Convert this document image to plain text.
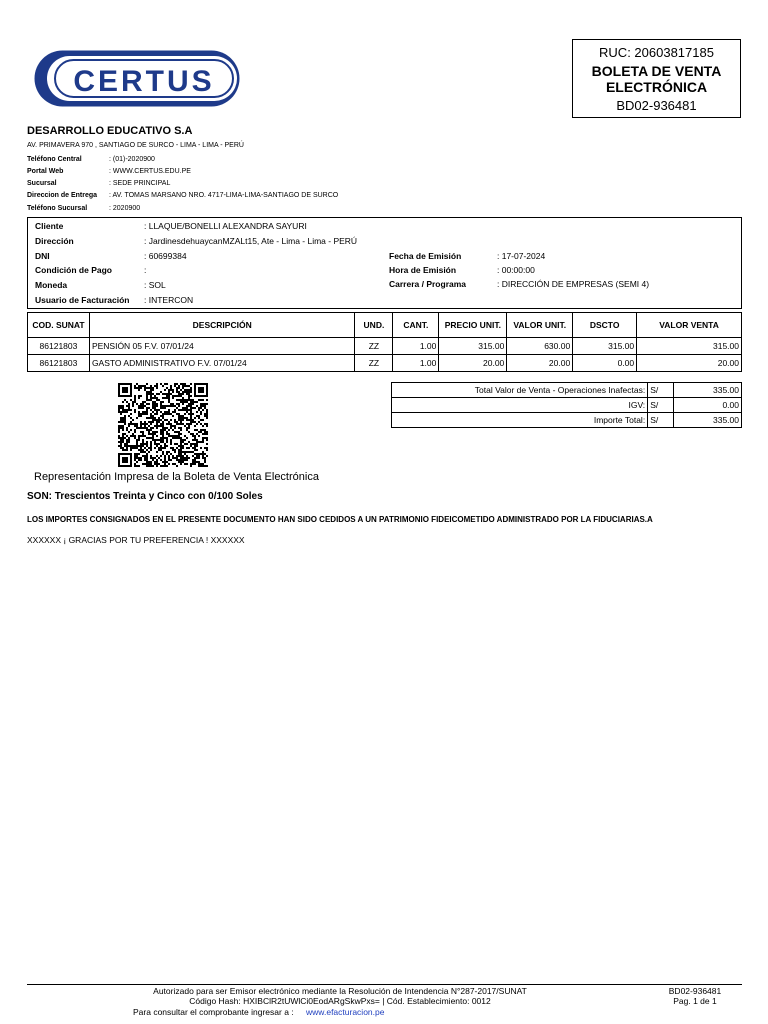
CERTUS
RUC: 20603817185
BOLETA DE VENTA
ELECTRÓNICA
BD02-936481
DESARROLLO EDUCATIVO S.A
AV. PRIMAVERA 970 , SANTIAGO DE SURCO - LIMA - LIMA - PERÚ
Teléfono Central	: (01)-2020900
Portal Web	: WWW.CERTUS.EDU.PE
Sucursal	: SEDE PRINCIPAL
Direccion de Entrega : AV. TOMAS MARSANO NRO. 4717-LIMA-LIMA-SANTIAGO DE SURCO
Teléfono Sucursal	: 2020900
Cliente	: LLAQUE/BONELLI ALEXANDRA SAYURI
Dirección	: JardinesdehuaycanMZALt15, Ate - Lima - Lima - PERÚ
DNI	: 60699384
Condición de Pago	:
Moneda	: SOL
Usuario de Facturación : INTERCON
Fecha de Emisión	: 17-07-2024
Hora de Emisión	: 00:00:00
Carrera / Programa	: DIRECCIÓN DE EMPRESAS (SEMI 4)
COD. SUNAT	DESCRIPCIÓN	UND.	CANT.	PRECIO UNIT.	VALOR UNIT.	DSCTO	VALOR VENTA
86121803	PENSIÓN 05 F.V. 07/01/24	ZZ	1.00	315.00	630.00	315.00	315.00
86121803	GASTO ADMINISTRATIVO F.V. 07/01/24	ZZ	1.00	20.00	20.00	0.00	20.00
Total Valor de Venta - Operaciones Inafectas:	S/	335.00
IGV:	S/	0.00
Importe Total:	S/	335.00
Representación Impresa de la Boleta de Venta Electrónica
SON: Trescientos Treinta y Cinco con 0/100 Soles
LOS IMPORTES CONSIGNADOS EN EL PRESENTE DOCUMENTO HAN SIDO CEDIDOS A UN PATRIMONIO FIDEICOMETIDO ADMINISTRADO POR LA FIDUCIARIAS.A
XXXXXX ¡ GRACIAS POR TU PREFERENCIA ! XXXXXX
Autorizado para ser Emisor electrónico mediante la Resolución de Intendencia N°287-2017/SUNAT
Código Hash: HXIBClR2tUWlCi0EodARgSkwPxs= | Cód. Establecimiento: 0012
Para consultar el comprobante ingresar a : www.efacturacion.pe
BD02-936481
Pag. 1 de 1
